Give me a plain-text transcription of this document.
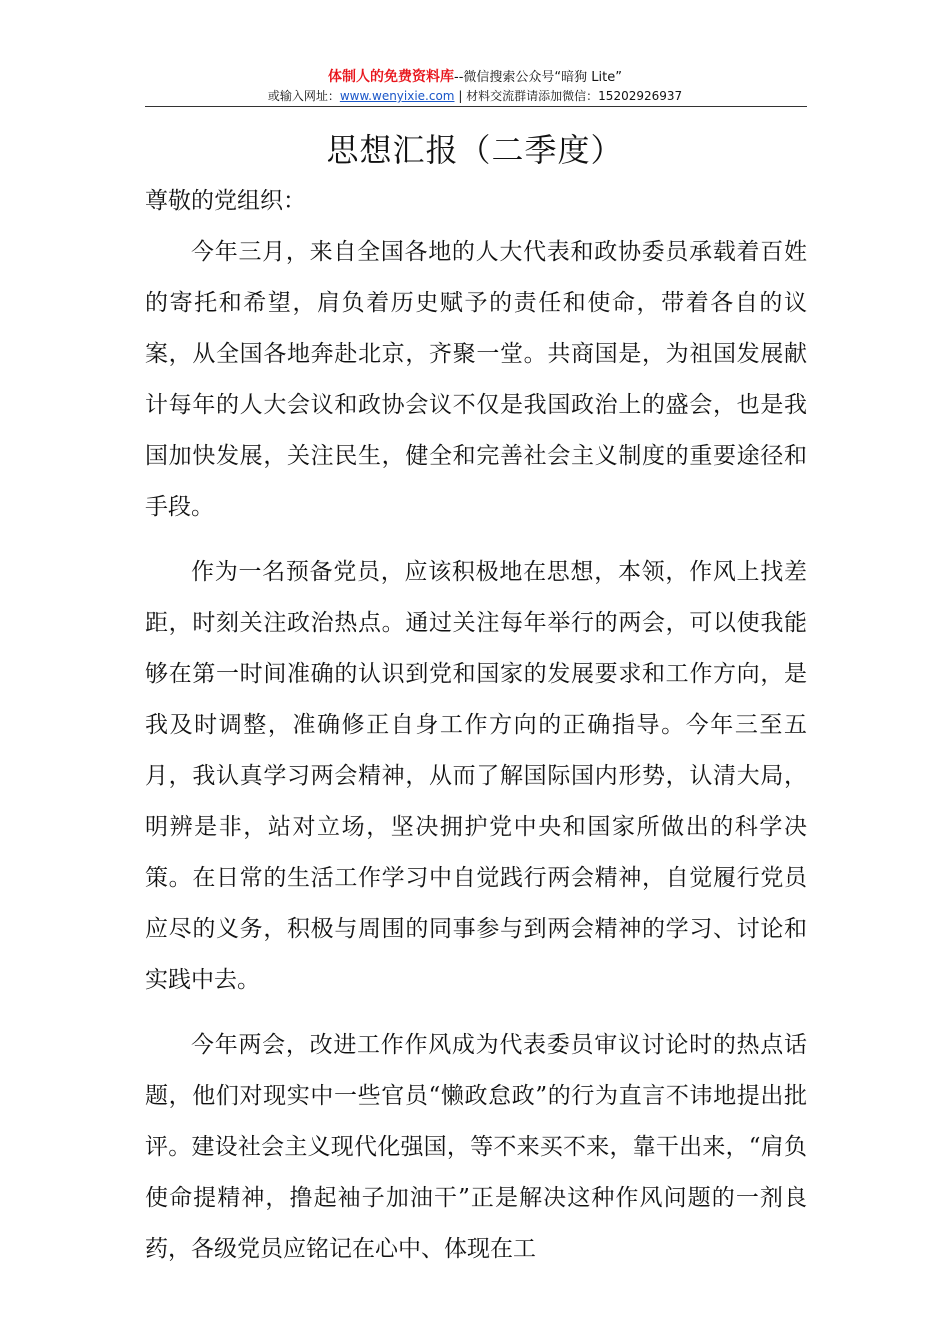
体制人的免费资料库--微信搜索公众号“暗狗 Lite”
或输入网址：www.wenyixie.com | 材料交流群请添加微信：15202926937
思想汇报（二季度）

尊敬的党组织：

今年三月，来自全国各地的人大代表和政协委员承载着百姓的寄托和希望，肩负着历史赋予的责任和使命，带着各自的议案，从全国各地奔赴北京，齐聚一堂。共商国是，为祖国发展献计每年的人大会议和政协会议不仅是我国政治上的盛会，也是我国加快发展，关注民生，健全和完善社会主义制度的重要途径和手段。

作为一名预备党员，应该积极地在思想，本领，作风上找差距，时刻关注政治热点。通过关注每年举行的两会，可以使我能够在第一时间准确的认识到党和国家的发展要求和工作方向，是我及时调整，准确修正自身工作方向的正确指导。今年三至五月，我认真学习两会精神，从而了解国际国内形势，认清大局，明辨是非，站对立场，坚决拥护党中央和国家所做出的科学决策。在日常的生活工作学习中自觉践行两会精神，自觉履行党员应尽的义务，积极与周围的同事参与到两会精神的学习、讨论和实践中去。

今年两会，改进工作作风成为代表委员审议讨论时的热点话题，他们对现实中一些官员“懒政怠政”的行为直言不讳地提出批评。建设社会主义现代化强国，等不来买不来，靠干出来，“肩负使命提精神，撸起袖子加油干”正是解决这种作风问题的一剂良药，各级党员应铭记在心中、体现在工
